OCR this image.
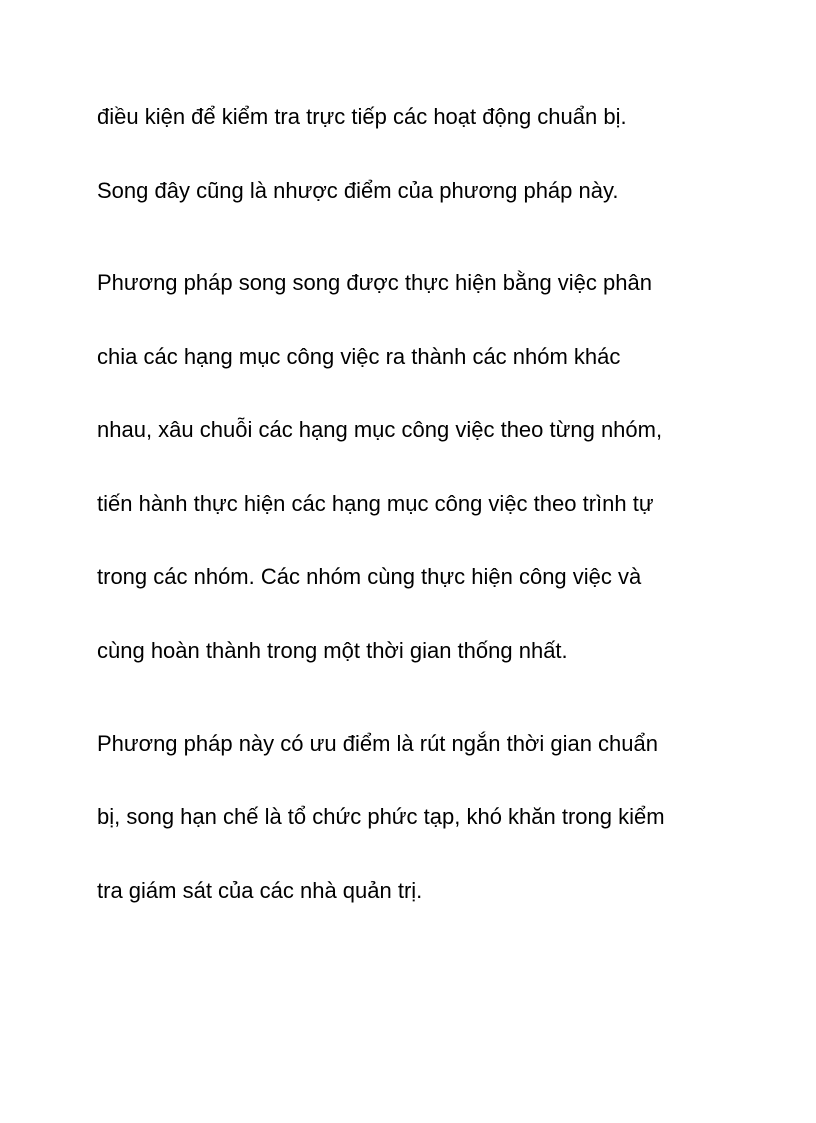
điều kiện để kiểm tra trực tiếp các hoạt động chuẩn bị.

Song đây cũng là nhược điểm của phương pháp này.

Phương pháp song song được thực hiện bằng việc phân

chia các hạng mục công việc ra thành các nhóm khác

nhau, xâu chuỗi các hạng mục công việc theo từng nhóm,

tiến hành thực hiện các hạng mục công việc theo trình tự

trong các nhóm. Các nhóm cùng thực hiện công việc và

cùng hoàn thành trong một thời gian thống nhất.

Phương pháp này có ưu điểm là rút ngắn thời gian chuẩn

bị, song hạn chế là tổ chức phức tạp, khó khăn trong kiểm

tra giám sát của các nhà quản trị.
